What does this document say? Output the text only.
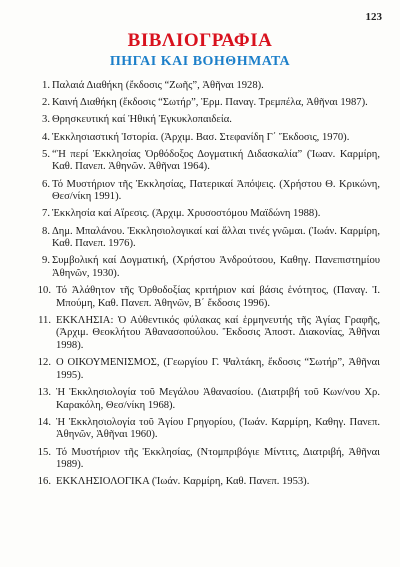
123
ΒΙΒΛΙΟΓΡΑΦΙΑ
ΠΗΓΑΙ ΚΑΙ ΒΟΗΘΗΜΑΤΑ
1. Παλαιά Διαθήκη (ἔκδοσις “Ζωῆς”, Ἀθῆναι 1928).
2. Καινή Διαθήκη (ἔκδοσις “Σωτήρ”, Ἑρμ. Παναγ. Τρεμπέλα, Ἀθῆναι 1987).
3. Θρησκευτική καί Ἠθική Ἐγκυκλοπαιδεία.
4. Ἐκκλησιαστική Ἱστορία. (Ἀρχιμ. Βασ. Στεφανίδη Γ΄ Ἔκδοσις, 1970).
5. “Ἡ περί Ἐκκλησίας Ὀρθόδοξος Δογματική Διδασκαλία” (Ἰωαν. Καρμίρη, Καθ. Πανεπ. Ἀθηνῶν. Ἀθῆναι 1964).
6. Τό Μυστήριον τῆς Ἐκκλησίας, Πατερικαί Ἀπόψεις. (Χρήστου Θ. Κρικώνη, Θεσ/νίκη 1991).
7. Ἐκκλησία καί Αἵρεσις. (Ἀρχιμ. Χρυσοστόμου Μαϊδώνη 1988).
8. Δημ. Μπαλάνου. Ἐκκλησιολογικαί καί ἄλλαι τινές γνῶμαι. (Ἰωάν. Καρμίρη, Καθ. Πανεπ. 1976).
9. Συμβολική καί Δογματική, (Χρήστου Ἀνδρούτσου, Καθηγ. Πανεπιστημίου Ἀθηνῶν, 1930).
10. Τό Ἀλάθητον τῆς Ὀρθοδοξίας κριτήριον καί βάσις ἑνότητος, (Παναγ. Ἰ. Μπούμη, Καθ. Πανεπ. Ἀθηνῶν, Β΄ ἔκδοσις 1996).
11. ΕΚΚΛΗΣΙΑ: Ὁ Αὐθεντικός φύλακας καί ἑρμηνευτής τῆς Ἁγίας Γραφῆς, (Ἀρχιμ. Θεοκλήτου Ἀθανασοπούλου. Ἔκδοσις Ἀποστ. Διακονίας, Ἀθῆναι 1998).
12. Ο ΟΙΚΟΥΜΕΝΙΣΜΟΣ, (Γεωργίου Γ. Ψαλτάκη, ἔκδοσις “Σωτήρ”, Ἀθῆναι 1995).
13. Ἡ Ἐκκλησιολογία τοῦ Μεγάλου Ἀθανασίου. (Διατριβή τοῦ Κων/νου Χρ. Καρακόλη, Θεσ/νίκη 1968).
14. Ἡ Ἐκκλησιολογία τοῦ Ἁγίου Γρηγορίου, (Ἰωάν. Καρμίρη, Καθηγ. Πανεπ. Ἀθηνῶν, Ἀθῆναι 1960).
15. Τό Μυστήριον τῆς Ἐκκλησίας, (Ντομπριβόγιε Μίντιτς, Διατριβή, Ἀθῆναι 1989).
16. ΕΚΚΛΗΣΙΟΛΟΓΙΚΑ (Ἰωάν. Καρμίρη, Καθ. Πανεπ. 1953).
